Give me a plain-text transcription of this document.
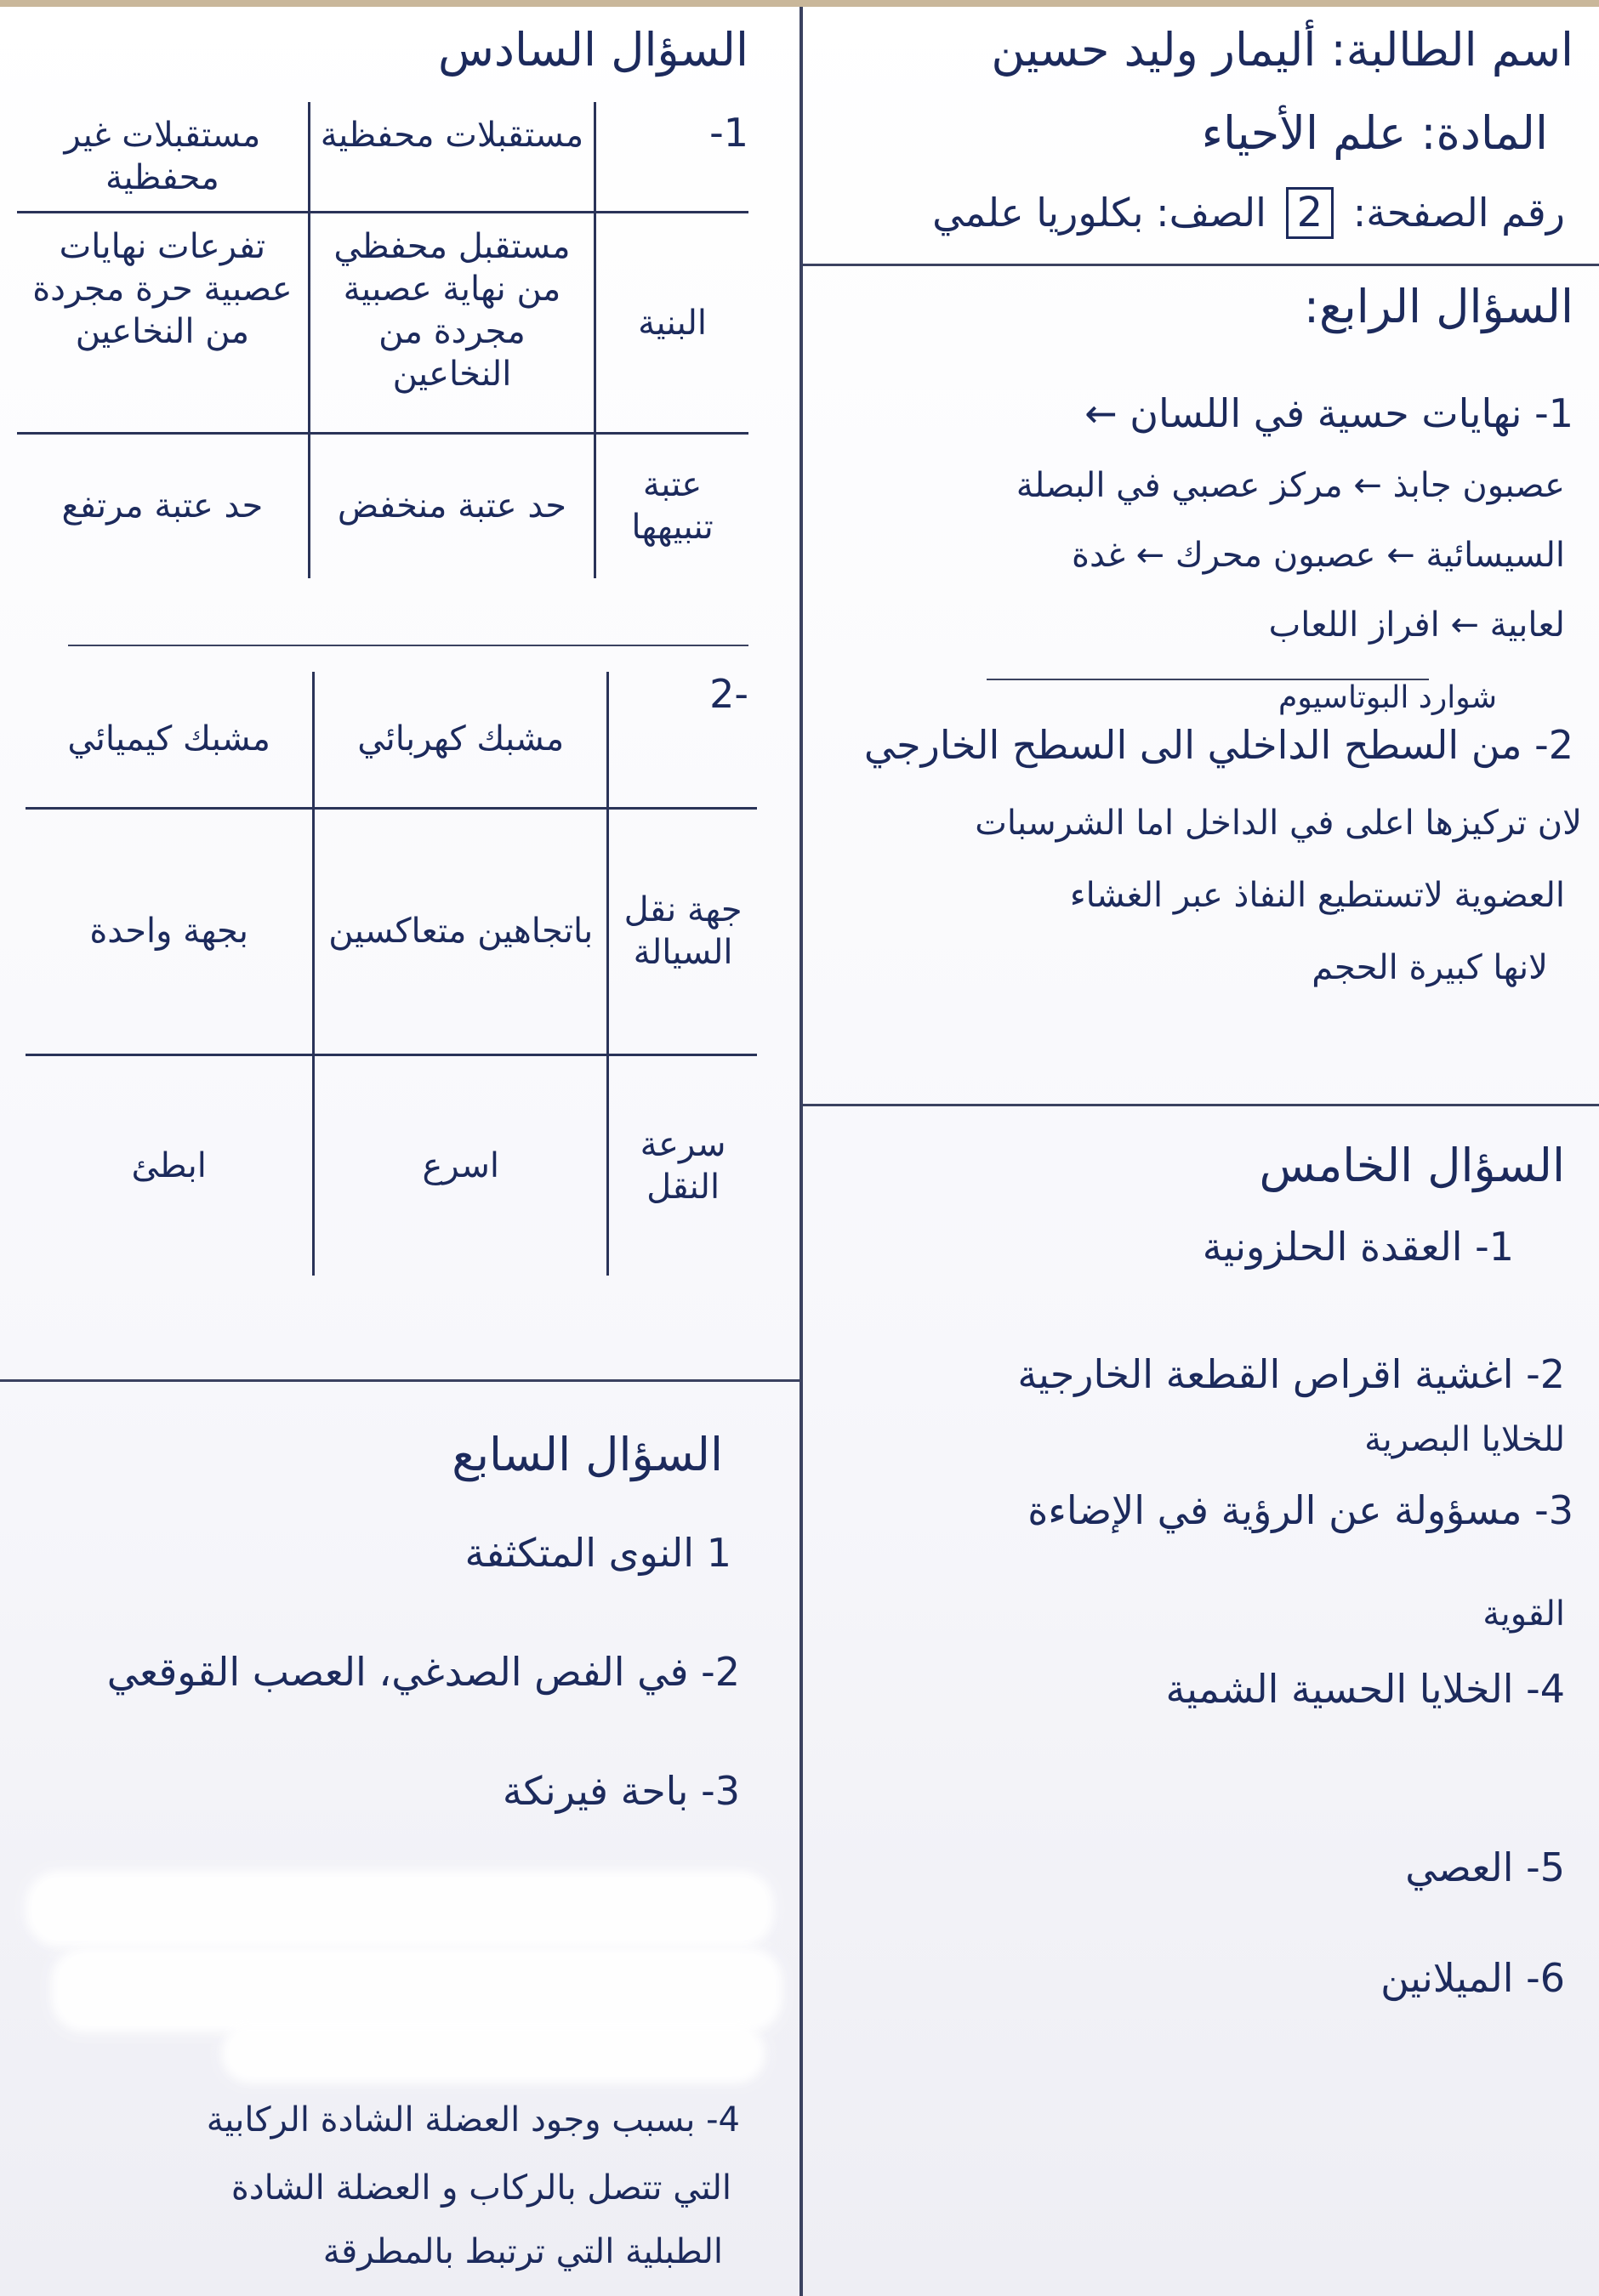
اسم الطالبة: أليمار وليد حسين
المادة: علم الأحياء
رقم الصفحة: 2 الصف: بكلوريا علمي
السؤال الرابع:
1- نهايات حسية في اللسان ←
عصبون جابذ ← مركز عصبي في البصلة
السيسائية ← عصبون محرك ← غدة
لعابية ← افراز اللعاب
شوارد البوتاسيوم
2- من السطح الداخلي الى السطح الخارجي
لان تركيزها اعلى في الداخل اما الشرسبات
العضوية لاتستطيع النفاذ عبر الغشاء
لانها كبيرة الحجم
السؤال الخامس
1- العقدة الحلزونية
2- اغشية اقراص القطعة الخارجية
للخلايا البصرية
3- مسؤولة عن الرؤية في الإضاءة
القوية
4- الخلايا الحسية الشمية
5- العصي
6- الميلانين
السؤال السادس
1-
	مستقبلات محفظية	مستقبلات غير محفظية
البنية	مستقبل محفظي من نهاية عصبية مجردة من النخاعين	تفرعات نهايات عصبية حرة مجردة من النخاعين
عتبة تنبيهها	حد عتبة منخفض	حد عتبة مرتفع
-2
	مشبك كهربائي	مشبك كيميائي
جهة نقل السيالة	باتجاهين متعاكسين	بجهة واحدة
سرعة النقل	اسرع	ابطئ
السؤال السابع
1 النوى المتكثفة
2- في الفص الصدغي، العصب القوقعي
3- باحة فيرنكة
4- بسبب وجود العضلة الشادة الركابية
التي تتصل بالركاب و العضلة الشادة
الطبلية التي ترتبط بالمطرقة
